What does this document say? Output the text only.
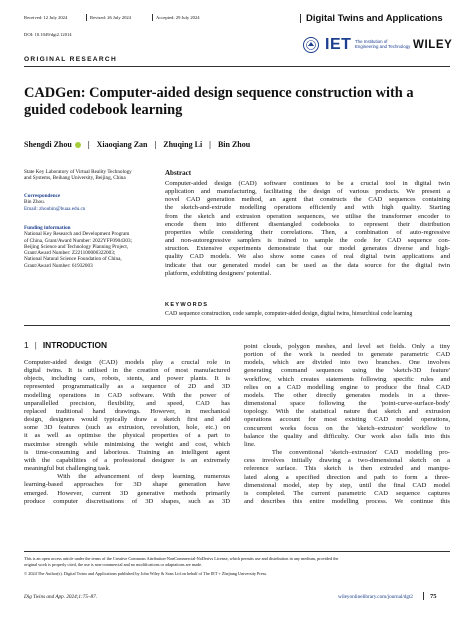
Received: 12 July 2024	Revised: 26 July 2024	Accepted: 29 July 2024	Digital Twins and Applications
DOI: 10.1049/dgt2.12014
IET The Institution of
Engineering and Technology WILEY
ORIGINAL RESEARCH
CADGen: Computer-aided design sequence construction with a
guided codebook learning
Shengdi Zhou | Xiaoqiang Zan | Zhuqing Li | Bin Zhou
State Key Laboratory of Virtual Reality Technology
and Systems, Beihang University, Beijing, China
Correspondence
Bin Zhou.
Email: zhoubin@buaa.edu.cn
Funding information
National Key Research and Development Program
of China, Grant/Award Number: 2022YFF0904303;
Beijing Science and Technology Planning Project,
Grant/Award Number: Z221100006322003;
National Natural Science Foundation of China,
Grant/Award Number: 61932003
Abstract
Computer-aided design (CAD) software continues to be a crucial tool in digital twin
application and manufacturing, facilitating the design of various products. We present a
novel CAD generation method, an agent that constructs the CAD sequences containing
the sketch-and-extrude modelling operations efficiently and with high quality. Starting
from the sketch and extrusion operation sequences, we utilise the transformer encoder to
encode them into different disentangled codebooks to represent their distribution
properties while considering their correlations. Then, a combination of auto-regressive
and non-autoregressive samplers is trained to sample the code for CAD sequence con-
struction. Extensive experiments demonstrate that our model generates diverse and high-
quality CAD models. We also show some cases of real digital twin applications and
indicate that our generated model can be used as the data source for the digital twin
platform, exhibiting designers' potential.
KEYWORDS
CAD sequence construction, code sample, computer-aided design, digital twins, hierarchical code learning
1 | INTRODUCTION
Computer-aided design (CAD) models play a crucial role in
digital twins. It is utilised in the creation of most manufactured
objects, including cars, robots, stents, and power plants. It is
represented programmatically as a sequence of 2D and 3D
modelling operations in CAD software. With the power of
unparallelled precision, flexibility, and speed, CAD has
replaced traditional hand drawings. However, in mechanical
design, designers would typically draw a sketch first and add
some 3D features (such as extrusion, revolution, hole, etc.) on
it as well as optimise the physical properties of a part to
maximise strength while minimising the weight and cost, which
is time-consuming and laborious. Training an intelligent agent
with the capabilities of a professional designer is an extremely
meaningful but challenging task.
With the advancement of deep learning, numerous
learning-based approaches for 3D shape generation have
emerged. However, current 3D generative methods primarily
produce computer discretisations of 3D shapes, such as 3D
point clouds, polygon meshes, and level set fields. Only a tiny
portion of the work is needed to generate parametric CAD
models, which are divided into two branches. One involves
generating command sequences using the 'sketch-3D feature'
workflow, which creates statements following specific rules and
relies on a CAD modelling engine to produce the final CAD
models. The other directly generates models in a three-
dimensional space following the 'point-curve-surface-body'
topology. With the statistical nature that sketch and extrusion
operations account for most existing CAD model operations,
concurrent works focus on the 'sketch–extrusion' workflow to
balance the quality and difficulty. Our work also falls into this
line.
The conventional 'sketch–extrusion' CAD modelling pro-
cess involves initially drawing a two-dimensional sketch on a
reference surface. This sketch is then extruded and manipu-
lated along a specified direction and path to form a three-
dimensional model, step by step, until the final CAD model
is completed. The current parametric CAD sequence captures
and describes this entire modelling process. We continue this
This is an open access article under the terms of the Creative Commons Attribution-NonCommercial-NoDerivs License, which permits use and distribution in any medium, provided the
original work is properly cited, the use is non-commercial and no modifications or adaptations are made.
© 2024 The Author(s). Digital Twins and Applications published by John Wiley & Sons Ltd on behalf of The IET + Zhejiang University Press.
Dig Twins and App. 2024;1:75–87.	wileyonlinelibrary.com/journal/dgt2	75
